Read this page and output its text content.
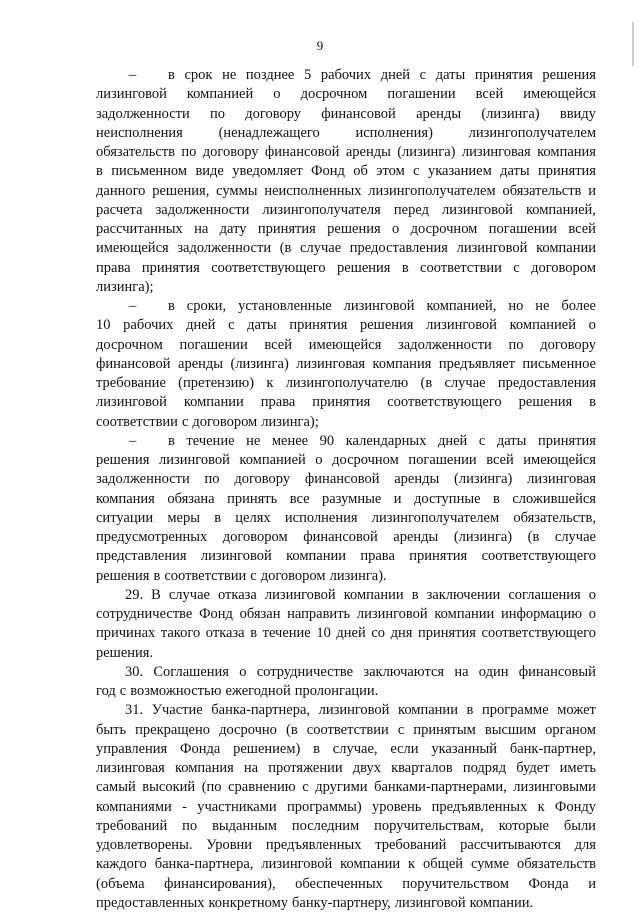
9
– в срок не позднее 5 рабочих дней с даты принятия решения
лизинговой компанией о досрочном погашении всей имеющейся
задолженности по договору финансовой аренды (лизинга) ввиду
неисполнения (ненадлежащего исполнения) лизингополучателем
обязательств по договору финансовой аренды (лизинга) лизинговая компания
в письменном виде уведомляет Фонд об этом с указанием даты принятия
данного решения, суммы неисполненных лизингополучателем обязательств и
расчета задолженности лизингополучателя перед лизинговой компанией,
рассчитанных на дату принятия решения о досрочном погашении всей
имеющейся задолженности (в случае предоставления лизинговой компании
права принятия соответствующего решения в соответствии с договором
лизинга);
– в сроки, установленные лизинговой компанией, но не более
10 рабочих дней с даты принятия решения лизинговой компанией о
досрочном погашении всей имеющейся задолженности по договору
финансовой аренды (лизинга) лизинговая компания предъявляет письменное
требование (претензию) к лизингополучателю (в случае предоставления
лизинговой компании права принятия соответствующего решения в
соответствии с договором лизинга);
– в течение не менее 90 календарных дней с даты принятия
решения лизинговой компанией о досрочном погашении всей имеющейся
задолженности по договору финансовой аренды (лизинга) лизинговая
компания обязана принять все разумные и доступные в сложившейся
ситуации меры в целях исполнения лизингополучателем обязательств,
предусмотренных договором финансовой аренды (лизинга) (в случае
представления лизинговой компании права принятия соответствующего
решения в соответствии с договором лизинга).
29. В случае отказа лизинговой компании в заключении соглашения о
сотрудничестве Фонд обязан направить лизинговой компании информацию о
причинах такого отказа в течение 10 дней со дня принятия соответствующего
решения.
30. Соглашения о сотрудничестве заключаются на один финансовый
год с возможностью ежегодной пролонгации.
31. Участие банка-партнера, лизинговой компании в программе может
быть прекращено досрочно (в соответствии с принятым высшим органом
управления Фонда решением) в случае, если указанный банк-партнер,
лизинговая компания на протяжении двух кварталов подряд будет иметь
самый высокий (по сравнению с другими банками-партнерами, лизинговыми
компаниями - участниками программы) уровень предъявленных к Фонду
требований по выданным последним поручительствам, которые были
удовлетворены. Уровни предъявленных требований рассчитываются для
каждого банка-партнера, лизинговой компании к общей сумме обязательств
(объема финансирования), обеспеченных поручительством Фонда и
предоставленных конкретному банку-партнеру, лизинговой компании.
